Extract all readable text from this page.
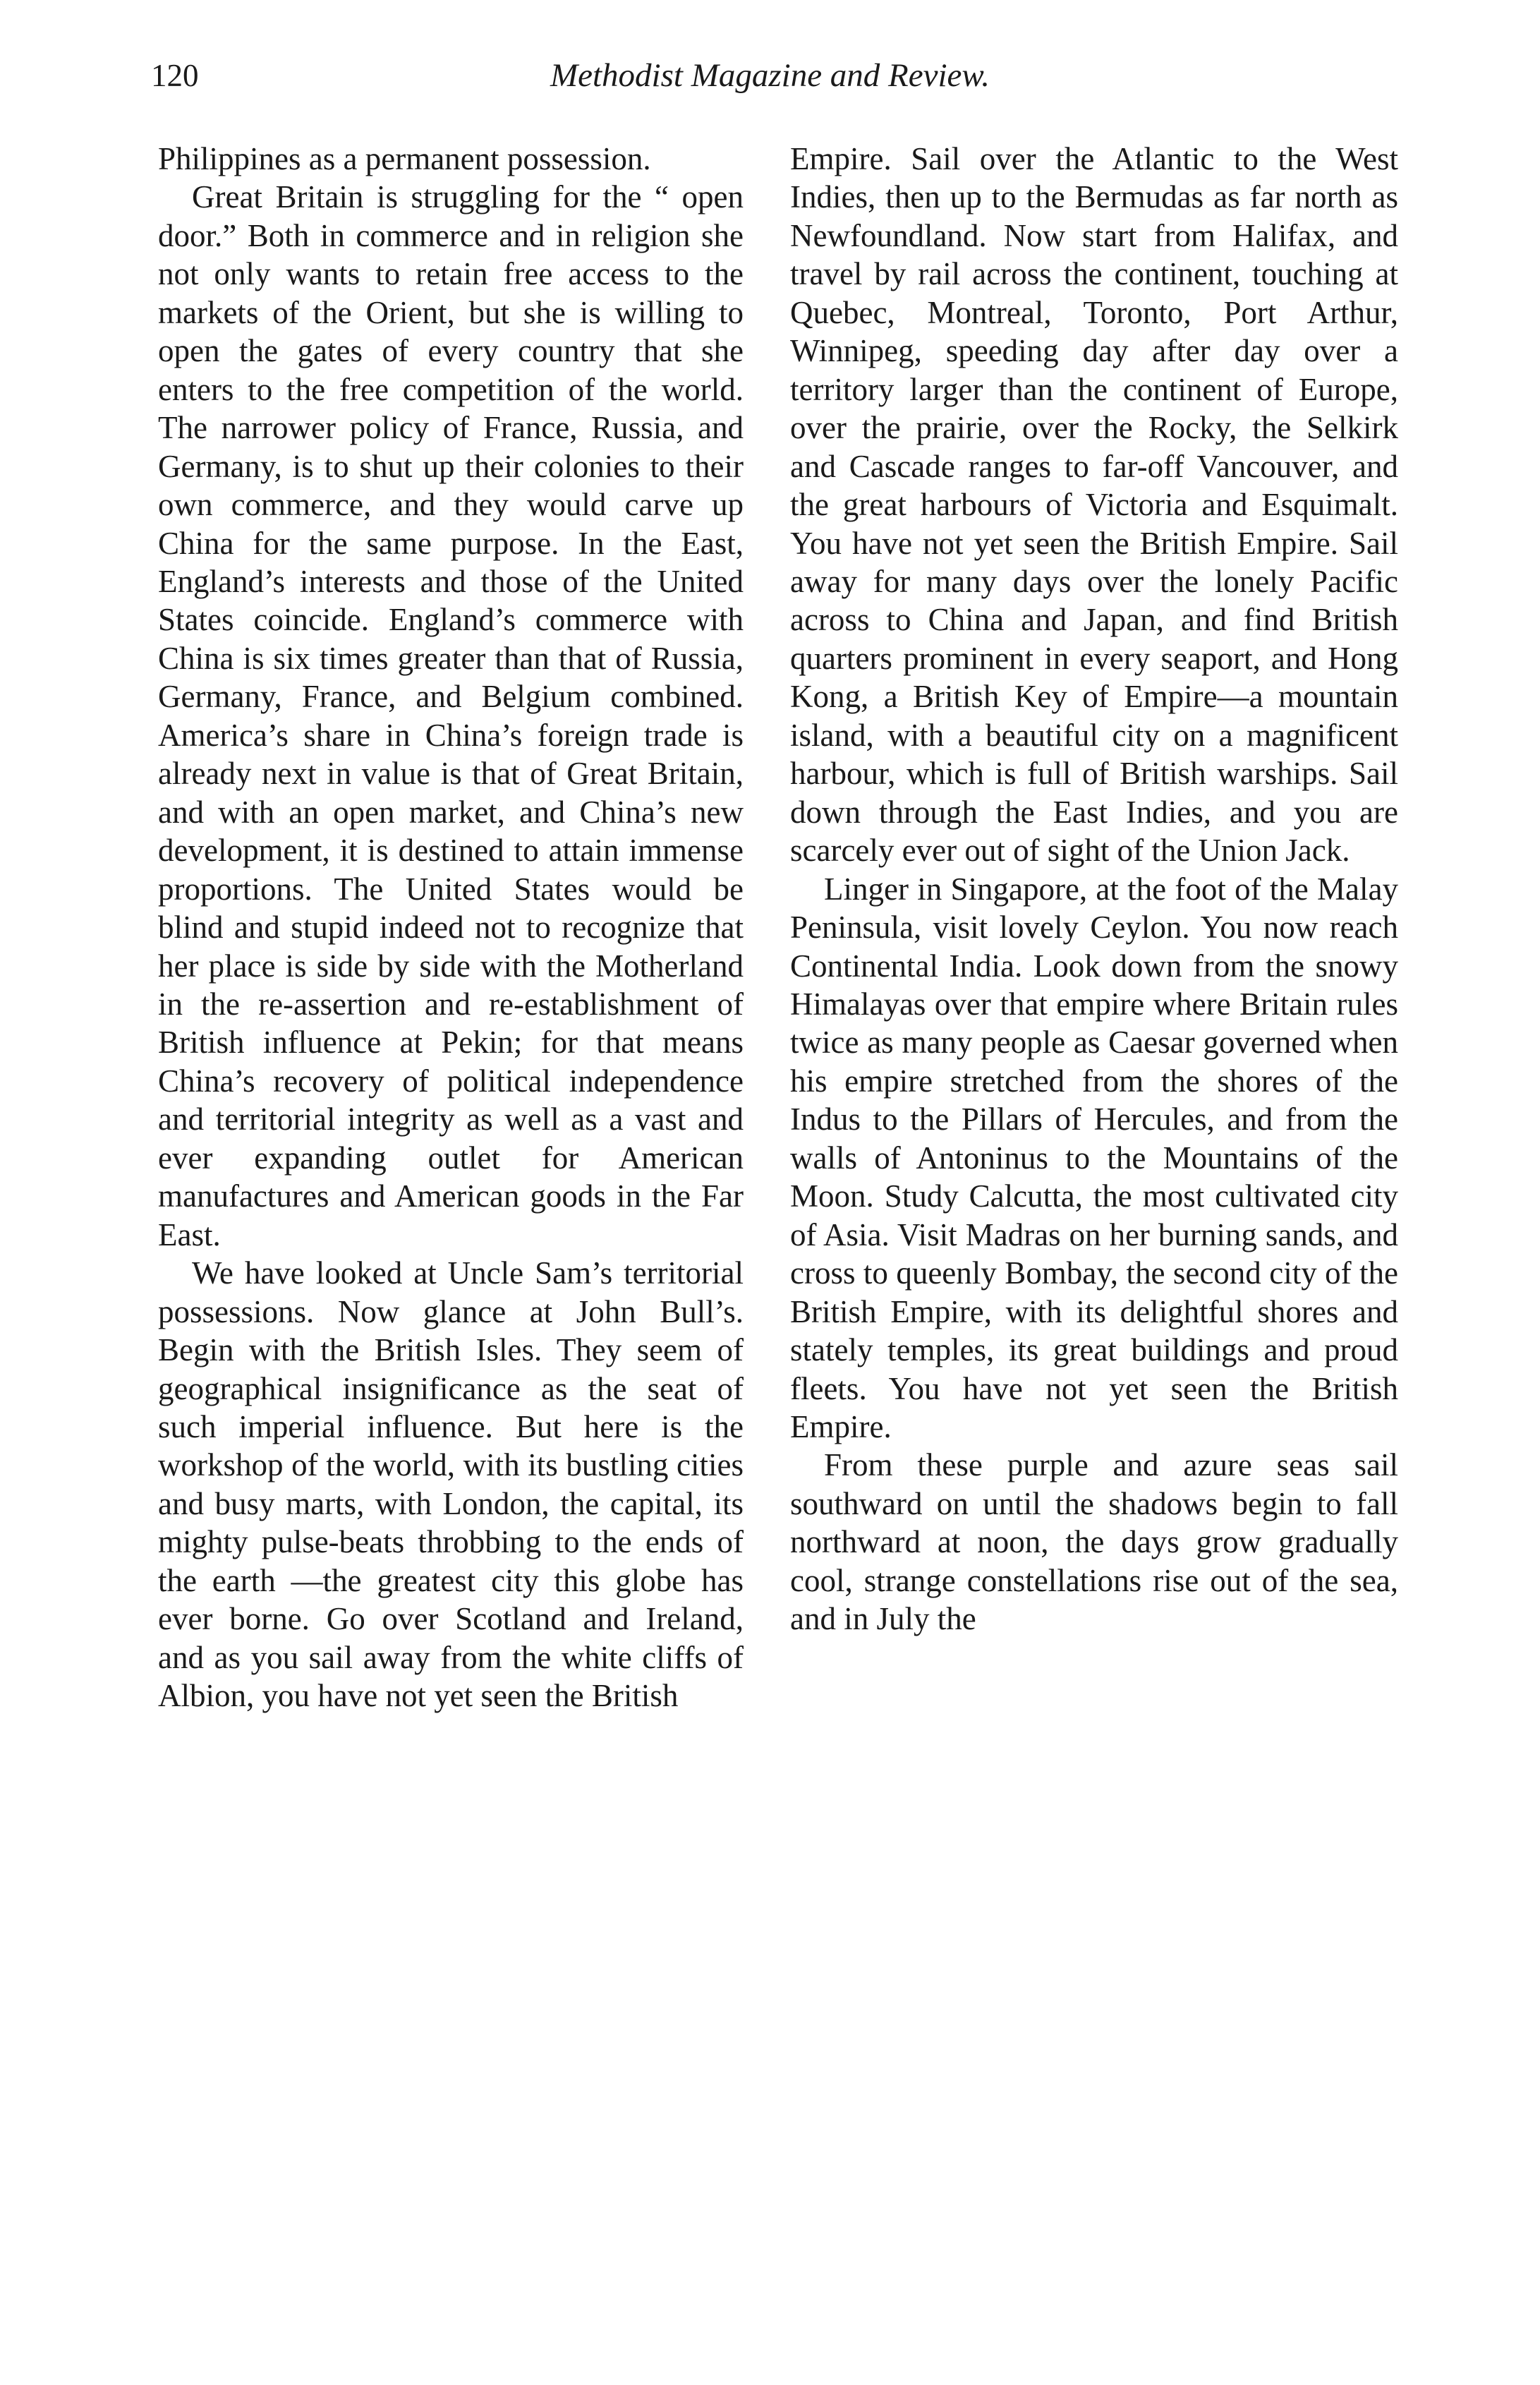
120	Methodist Magazine and Review.

Philippines as a permanent possession.

Great Britain is struggling for the “ open door.” Both in commerce and in religion she not only wants to retain free access to the markets of the Orient, but she is willing to open the gates of every country that she enters to the free competition of the world. The narrower policy of France, Russia, and Germany, is to shut up their colonies to their own commerce, and they would carve up China for the same purpose. In the East, England’s interests and those of the United States coincide. England’s commerce with China is six times greater than that of Russia, Germany, France, and Belgium combined. America’s share in China’s foreign trade is already next in value is that of Great Britain, and with an open market, and China’s new development, it is destined to attain immense proportions. The United States would be blind and stupid indeed not to recognize that her place is side by side with the Motherland in the re-assertion and re-establishment of British influence at Pekin; for that means China’s recovery of political independence and territorial integrity as well as a vast and ever expanding outlet for American manufactures and American goods in the Far East.

We have looked at Uncle Sam’s territorial possessions. Now glance at John Bull’s. Begin with the British Isles. They seem of geographical insignificance as the seat of such imperial influence. But here is the workshop of the world, with its bustling cities and busy marts, with London, the capital, its mighty pulse-beats throbbing to the ends of the earth —the greatest city this globe has ever borne. Go over Scotland and Ireland, and as you sail away from the white cliffs of Albion, you have not yet seen the British

Empire. Sail over the Atlantic to the West Indies, then up to the Bermudas as far north as Newfoundland. Now start from Halifax, and travel by rail across the continent, touching at Quebec, Montreal, Toronto, Port Arthur, Winnipeg, speeding day after day over a territory larger than the continent of Europe, over the prairie, over the Rocky, the Selkirk and Cascade ranges to far-off Vancouver, and the great harbours of Victoria and Esquimalt. You have not yet seen the British Empire. Sail away for many days over the lonely Pacific across to China and Japan, and find British quarters prominent in every seaport, and Hong Kong, a British Key of Empire—a mountain island, with a beautiful city on a magnificent harbour, which is full of British warships. Sail down through the East Indies, and you are scarcely ever out of sight of the Union Jack.

Linger in Singapore, at the foot of the Malay Peninsula, visit lovely Ceylon. You now reach Continental India. Look down from the snowy Himalayas over that empire where Britain rules twice as many people as Caesar governed when his empire stretched from the shores of the Indus to the Pillars of Hercules, and from the walls of Antoninus to the Mountains of the Moon. Study Calcutta, the most cultivated city of Asia. Visit Madras on her burning sands, and cross to queenly Bombay, the second city of the British Empire, with its delightful shores and stately temples, its great buildings and proud fleets. You have not yet seen the British Empire.

From these purple and azure seas sail southward on until the shadows begin to fall northward at noon, the days grow gradually cool, strange constellations rise out of the sea, and in July the
